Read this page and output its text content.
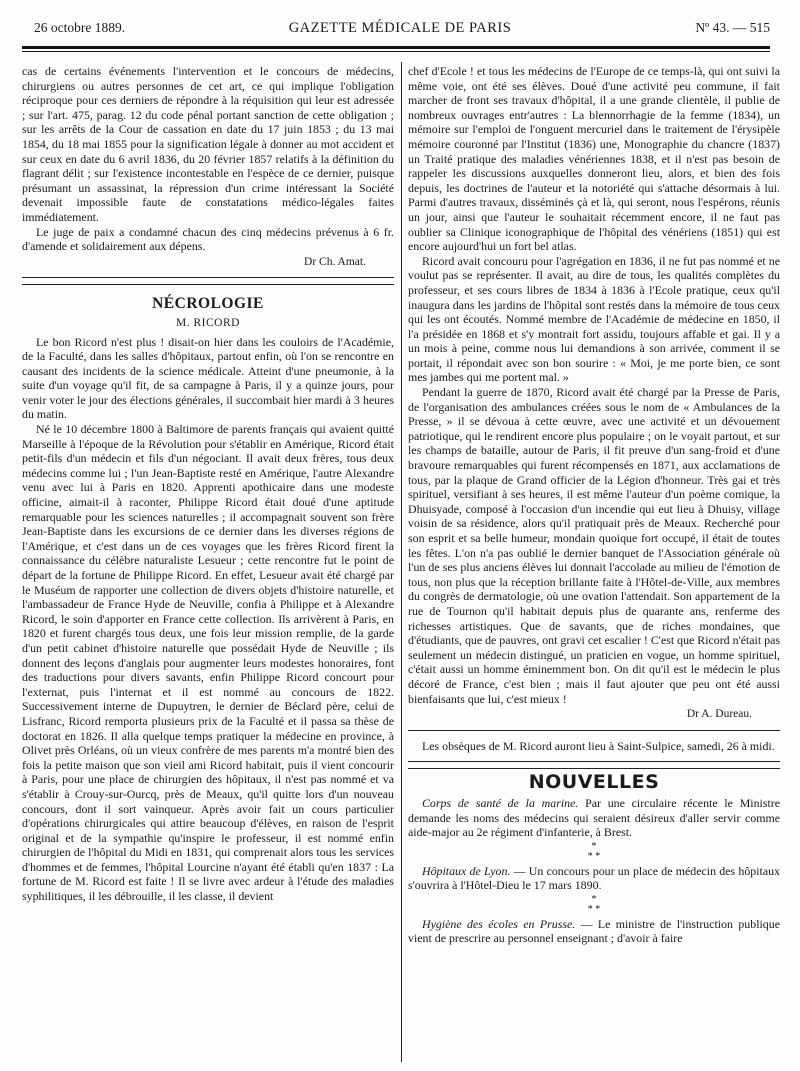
26 octobre 1889.	GAZETTE MÉDICALE DE PARIS	Nº 43. — 515

cas de certains événements l'intervention et le concours de médecins, chirurgiens ou autres personnes de cet art, ce qui implique l'obligation réciproque pour ces derniers de répondre à la réquisition qui leur est adressée ; sur l'art. 475, parag. 12 du code pénal portant sanction de cette obligation ; sur les arrêts de la Cour de cassation en date du 17 juin 1853 ; du 13 mai 1854, du 18 mai 1855 pour la signification légale à donner au mot accident et sur ceux en date du 6 avril 1836, du 20 février 1857 relatifs à la définition du flagrant délit ; sur l'existence incontestable en l'espèce de ce dernier, puisque présumant un assassinat, la répression d'un crime intéressant la Société devenait impossible faute de constatations médico-légales faites immédiatement.

Le juge de paix a condamné chacun des cinq médecins prévenus à 6 fr. d'amende et solidairement aux dépens.

Dr Ch. Amat.
NÉCROLOGIE
M. RICORD

Le bon Ricord n'est plus ! disait-on hier dans les couloirs de l'Académie, de la Faculté, dans les salles d'hôpitaux, partout enfin, où l'on se rencontre en causant des incidents de la science médicale. Atteint d'une pneumonie, à la suite d'un voyage qu'il fit, de sa campagne à Paris, il y a quinze jours, pour venir voter le jour des élections générales, il succombait hier mardi à 3 heures du matin.

Né le 10 décembre 1800 à Baltimore de parents français qui avaient quitté Marseille à l'époque de la Révolution pour s'établir en Amérique, Ricord était petit-fils d'un médecin et fils d'un négociant. Il avait deux frères, tous deux médecins comme lui ; l'un Jean-Baptiste resté en Amérique, l'autre Alexandre venu avec lui à Paris en 1820. Apprenti apothicaire dans une modeste officine, aimait-il à raconter, Philippe Ricord était doué d'une aptitude remarquable pour les sciences naturelles ; il accompagnait souvent son frère Jean-Baptiste dans les excursions de ce dernier dans les diverses régions de l'Amérique, et c'est dans un de ces voyages que les frères Ricord firent la connaissance du célèbre naturaliste Lesueur ; cette rencontre fut le point de départ de la fortune de Philippe Ricord. En effet, Lesueur avait été chargé par le Muséum de rapporter une collection de divers objets d'histoire naturelle, et l'ambassadeur de France Hyde de Neuville, confia à Philippe et à Alexandre Ricord, le soin d'apporter en France cette collection. Ils arrivèrent à Paris, en 1820 et furent chargés tous deux, une fois leur mission remplie, de la garde d'un petit cabinet d'histoire naturelle que possédait Hyde de Neuville ; ils donnent des leçons d'anglais pour augmenter leurs modestes honoraires, font des traductions pour divers savants, enfin Philippe Ricord concourt pour l'externat, puis l'internat et il est nommé au concours de 1822. Successivement interne de Dupuytren, le dernier de Béclard père, celui de Lisfranc, Ricord remporta plusieurs prix de la Faculté et il passa sa thèse de doctorat en 1826. Il alla quelque temps pratiquer la médecine en province, à Olivet près Orléans, où un vieux confrère de mes parents m'a montré bien des fois la petite maison que son vieil ami Ricord habitait, puis il vient concourir à Paris, pour une place de chirurgien des hôpitaux, il n'est pas nommé et va s'établir à Crouy-sur-Ourcq, près de Meaux, qu'il quitte lors d'un nouveau concours, dont il sort vainqueur. Après avoir fait un cours particulier d'opérations chirurgicales qui attire beaucoup d'élèves, en raison de l'esprit original et de la sympathie qu'inspire le professeur, il est nommé enfin chirurgien de l'hôpital du Midi en 1831, qui comprenait alors tous les services d'hommes et de femmes, l'hôpital Lourcine n'ayant été établi qu'en 1837 : La fortune de M. Ricord est faite ! Il se livre avec ardeur à l'étude des maladies syphilitiques, il les débrouille, il les classe, il devient

chef d'Ecole ! et tous les médecins de l'Europe de ce temps-là, qui ont suivi la même voie, ont été ses élèves. Doué d'une activité peu commune, il fait marcher de front ses travaux d'hôpital, il a une grande clientèle, il publie de nombreux ouvrages entr'autres : La blennorrhagie de la femme (1834), un mémoire sur l'emploi de l'onguent mercuriel dans le traitement de l'érysipèle mémoire couronné par l'Institut (1836) une, Monographie du chancre (1837) un Traité pratique des maladies vénériennes 1838, et il n'est pas besoin de rappeler les discussions auxquelles donneront lieu, alors, et bien des fois depuis, les doctrines de l'auteur et la notoriété qui s'attache désormais à lui. Parmi d'autres travaux, disséminés çà et là, qui seront, nous l'espérons, réunis un jour, ainsi que l'auteur le souhaitait récemment encore, il ne faut pas oublier sa Clinique iconographique de l'hôpital des vénériens (1851) qui est encore aujourd'hui un fort bel atlas.

Ricord avait concouru pour l'agrégation en 1836, il ne fut pas nommé et ne voulut pas se représenter. Il avait, au dire de tous, les qualités complètes du professeur, et ses cours libres de 1834 à 1836 à l'Ecole pratique, ceux qu'il inaugura dans les jardins de l'hôpital sont restés dans la mémoire de tous ceux qui les ont écoutés. Nommé membre de l'Académie de médecine en 1850, il l'a présidée en 1868 et s'y montrait fort assidu, toujours affable et gai. Il y a un mois à peine, comme nous lui demandions à son arrivée, comment il se portait, il répondait avec son bon sourire : « Moi, je me porte bien, ce sont mes jambes qui me portent mal. »

Pendant la guerre de 1870, Ricord avait été chargé par la Presse de Paris, de l'organisation des ambulances créées sous le nom de « Ambulances de la Presse, » il se dévoua à cette œuvre, avec une activité et un dévouement patriotique, qui le rendirent encore plus populaire ; on le voyait partout, et sur les champs de bataille, autour de Paris, il fit preuve d'un sang-froid et d'une bravoure remarquables qui furent récompensés en 1871, aux acclamations de tous, par la plaque de Grand officier de la Légion d'honneur. Très gai et très spirituel, versifiant à ses heures, il est même l'auteur d'un poème comique, la Dhuisyade, composé à l'occasion d'un incendie qui eut lieu à Dhuisy, village voisin de sa résidence, alors qu'il pratiquait près de Meaux. Recherché pour son esprit et sa belle humeur, mondain quoique fort occupé, il était de toutes les fêtes. L'on n'a pas oublié le dernier banquet de l'Association générale où l'un de ses plus anciens élèves lui donnait l'accolade au milieu de l'émotion de tous, non plus que la réception brillante faite à l'Hôtel-de-Ville, aux membres du congrès de dermatologie, où une ovation l'attendait. Son appartement de la rue de Tournon qu'il habitait depuis plus de quarante ans, renferme des richesses artistiques. Que de savants, que de riches mondaines, que d'étudiants, que de pauvres, ont gravi cet escalier ! C'est que Ricord n'était pas seulement un médecin distingué, un praticien en vogue, un homme spirituel, c'était aussi un homme éminemment bon. On dit qu'il est le médecin le plus décoré de France, c'est bien ; mais il faut ajouter que peu ont été aussi bienfaisants que lui, c'est mieux !

Dr A. Dureau.

Les obsèques de M. Ricord auront lieu à Saint-Sulpice, samedi, 26 à midi.

NOUVELLES

Corps de santé de la marine. Par une circulaire récente le Ministre demande les noms des médecins qui seraient désireux d'aller servir comme aide-major au 2e régiment d'infanterie, à Brest.

*
* *

Hôpitaux de Lyon. — Un concours pour un place de médecin des hôpitaux s'ouvrira à l'Hôtel-Dieu le 17 mars 1890.

*
* *

Hygiène des écoles en Prusse. — Le ministre de l'instruction publique vient de prescrire au personnel enseignant ; d'avoir à faire
